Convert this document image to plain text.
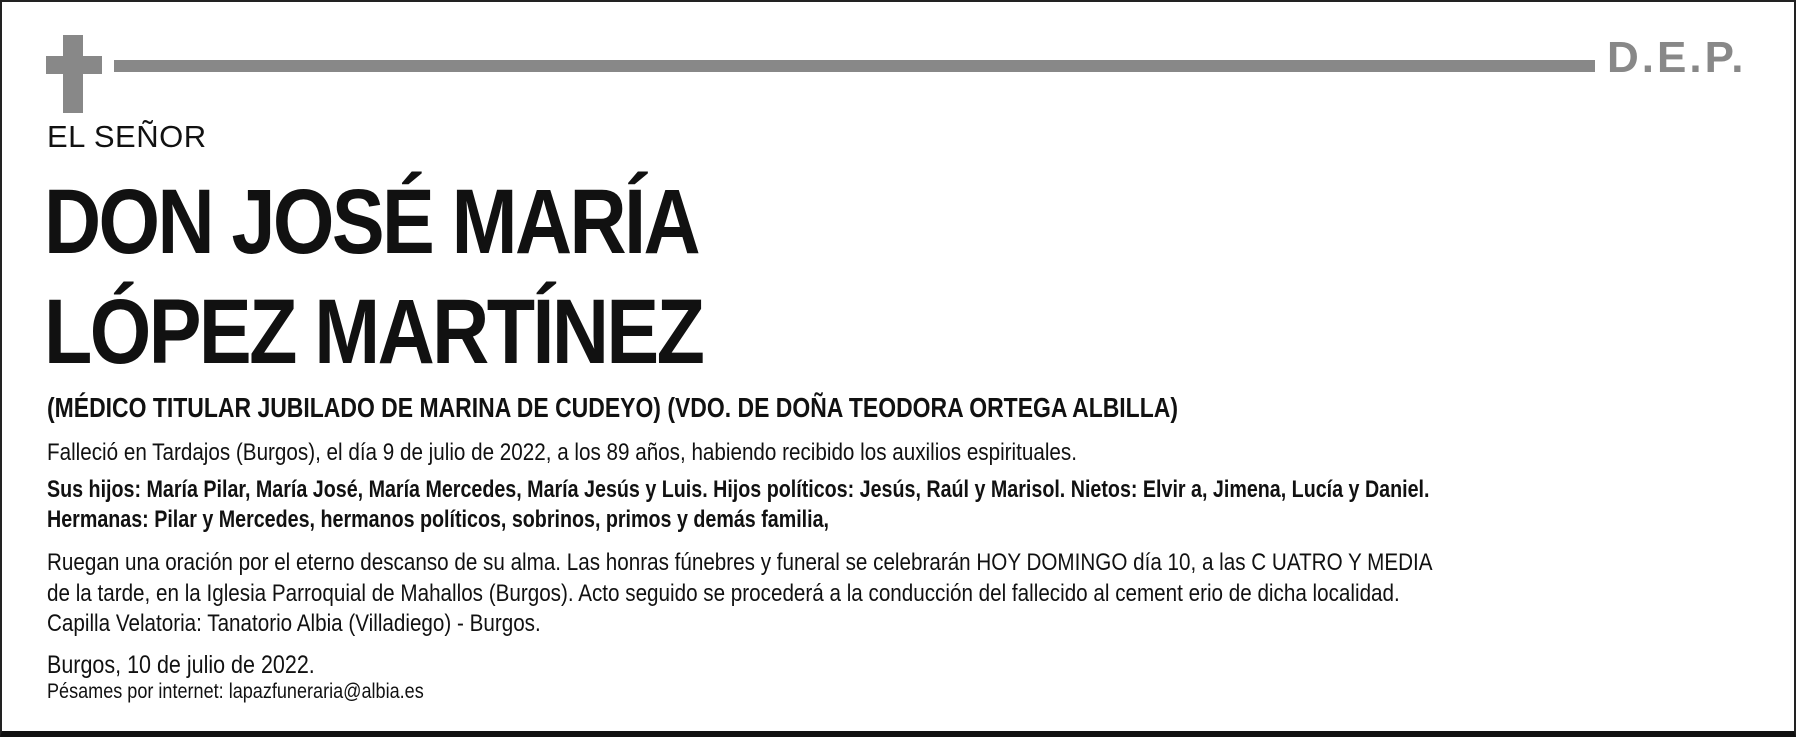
D.E.P.
EL SEÑOR
DON JOSÉ MARÍA
LÓPEZ MARTÍNEZ
(MÉDICO TITULAR JUBILADO DE MARINA DE CUDEYO) (VDO. DE DOÑA TEODORA ORTEGA ALBILLA)
Falleció en Tardajos (Burgos), el día 9 de julio de 2022, a los 89 años, habiendo recibido los auxilios espirituales.
Sus hijos: María Pilar, María José, María Mercedes, María Jesús y Luis. Hijos políticos: Jesús, Raúl y Marisol. Nietos: Elvir a, Jimena, Lucía y Daniel.
Hermanas: Pilar y Mercedes, hermanos políticos, sobrinos, primos y demás familia,
Ruegan una oración por el eterno descanso de su alma. Las honras fúnebres y funeral se celebrarán HOY DOMINGO día 10, a las C UATRO Y MEDIA
de la tarde, en la Iglesia Parroquial de Mahallos (Burgos). Acto seguido se procederá a la conducción del fallecido al cement erio de dicha localidad.
Capilla Velatoria: Tanatorio Albia (Villadiego) - Burgos.
Burgos, 10 de julio de 2022.
Pésames por internet: lapazfuneraria@albia.es
